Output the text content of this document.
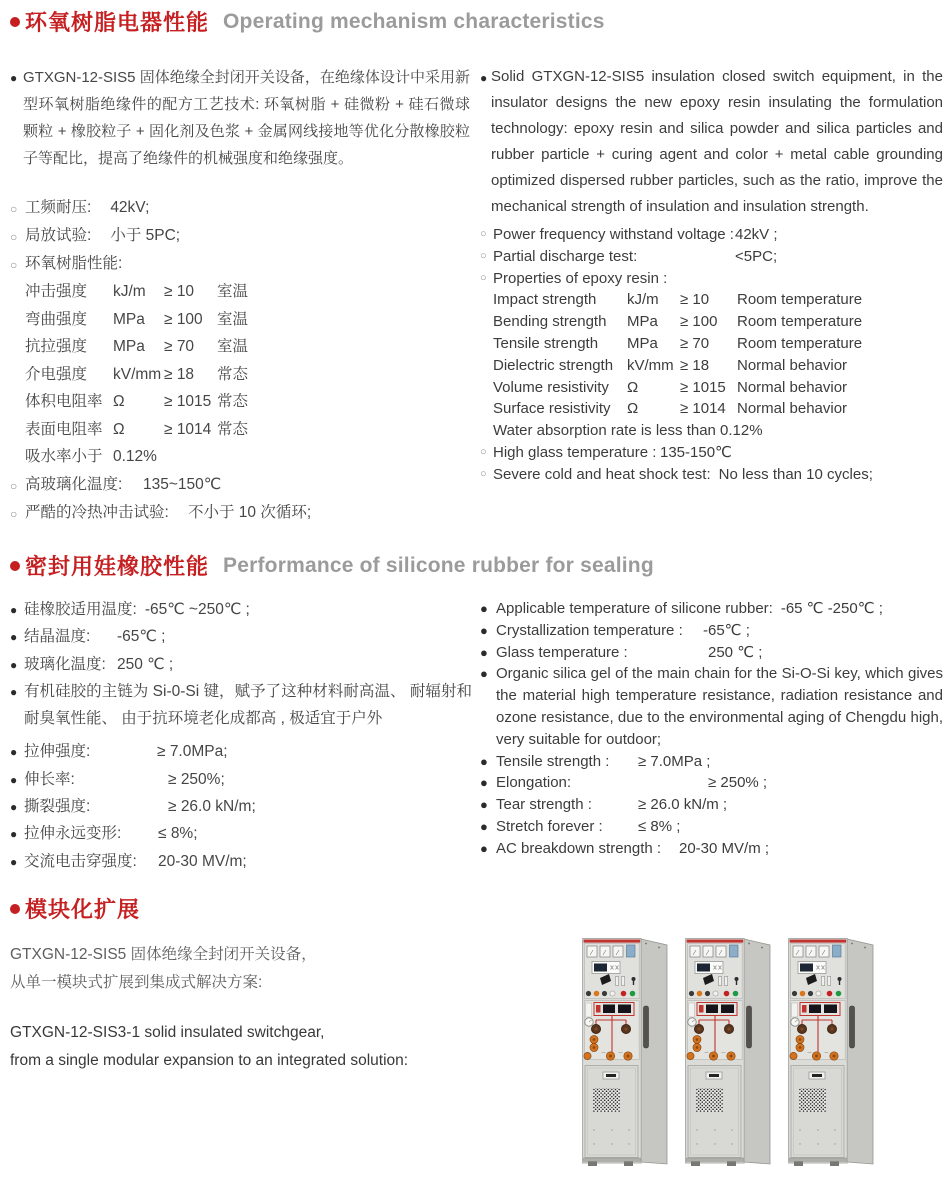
环氧树脂电器性能 Operating mechanism characteristics
● GTXGN-12-SIS5 固体绝缘全封闭开关设备，在绝缘体设计中采用新型环氧树脂绝缘件的配方工艺技术: 环氧树脂 + 硅微粉 + 硅石微球颗粒 + 橡胶粒子 + 固化剂及色浆 + 金属网线接地等优化分散橡胶粒子等配比，提高了绝缘件的机械强度和绝缘强度。
○ 工频耐压: 42kV;
○ 局放试验: 小于 5PC;
○ 环氧树脂性能:
冲击强度 kJ/m ≥ 10 室温
弯曲强度 MPa ≥ 100 室温
抗拉强度 MPa ≥ 70 室温
介电强度 kV/mm ≥ 18 常态
体积电阻率 Ω	≥ 1015 常态
表面电阻率 Ω	≥ 1014 常态
吸水率小于 0.12%
○ 高玻璃化温度: 135~150℃
○ 严酷的冷热冲击试验: 不小于 10 次循环;
● Solid GTXGN-12-SIS5 insulation closed switch equipment, in the insulator designs the new epoxy resin insulating the formulation technology: epoxy resin and silica powder and silica particles and rubber particle + curing agent and color + metal cable grounding optimized dispersed rubber particles, such as the ratio, improve the mechanical strength of insulation and insulation strength.
○ Power frequency withstand voltage :42kV ;
○ Partial discharge test:	<5PC;
○ Properties of epoxy resin :
Impact strength kJ/m ≥ 10 Room temperature
Bending strength MPa ≥ 100 Room temperature
Tensile strength MPa ≥ 70 Room temperature
Dielectric strength kV/mm ≥ 18 Normal behavior
Volume resistivity Ω	≥ 1015 Normal behavior
Surface resistivity Ω	≥ 1014 Normal behavior
Water absorption rate is less than 0.12%
○ High glass temperature : 135-150℃
○ Severe cold and heat shock test: No less than 10 cycles;
密封用娃橡胶性能 Performance of silicone rubber for sealing
● 硅橡胶适用温度: -65℃ ~250℃ ;
● 结晶温度: -65℃ ;
● 玻璃化温度: 250 ℃ ;
● 有机硅胶的主链为 Si-0-Si 键，赋予了这种材料耐高温、 耐辐射和耐臭氧性能、 由于抗环境老化成都高 , 极适宜于户外
● 拉伸强度:	≥ 7.0MPa;
● 伸长率:	≥ 250%;
● 撕裂强度:	≥ 26.0 kN/m;
● 拉伸永远变形: ≤ 8%;
● 交流电击穿强度: 20-30 MV/m;
● Applicable temperature of silicone rubber: -65 ℃ -250℃ ;
● Crystallization temperature : -65℃ ;
● Glass temperature :	250 ℃ ;
● Organic silica gel of the main chain for the Si-O-Si key, which gives the material high temperature resistance, radiation resistance and ozone resistance, due to the environmental aging of Chengdu high, very suitable for outdoor;
● Tensile strength : ≥ 7.0MPa ;
● Elongation:	≥ 250% ;
● Tear strength :	≥ 26.0 kN/m ;
● Stretch forever : ≤ 8% ;
● AC breakdown strength : 20-30 MV/m ;
模块化扩展
GTXGN-12-SIS5 固体绝缘全封闭开关设备，
从单一模块式扩展到集成式解决方案:
GTXGN-12-SIS3-1 solid insulated switchgear,
from a single modular expansion to an integrated solution:
